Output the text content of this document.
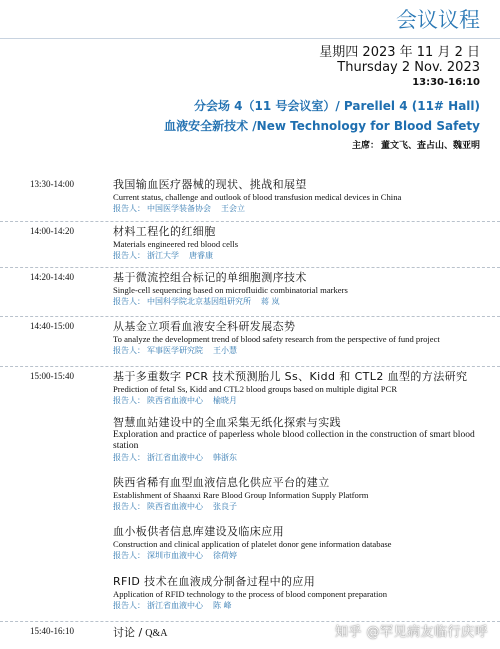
会议议程
星期四 2023 年 11 月 2 日
Thursday 2 Nov. 2023
13:30-16:10
分会场 4（11 号会议室）/ Parellel 4 (11# Hall)
血液安全新技术 /New Technology for Blood Safety
主席： 董文飞、查占山、魏亚明
13:30-14:00	我国输血医疗器械的现状、挑战和展望
Current status, challenge and outlook of blood transfusion medical devices in China
报告人： 中国医学装备协会 王会立
14:00-14:20	材料工程化的红细胞
Materials engineered red blood cells
报告人： 浙江大学 唐睿康
14:20-14:40	基于微流控组合标记的单细胞测序技术
Single-cell sequencing based on microfluidic combinatorial markers
报告人： 中国科学院北京基因组研究所 蒋 岚
14:40-15:00	从基金立项看血液安全科研发展态势
To analyze the development trend of blood safety research from the perspective of fund project
报告人： 军事医学研究院 王小慧
15:00-15:40	基于多重数字 PCR 技术预测胎儿 Ss、Kidd 和 CTL2 血型的方法研究
Prediction of fetal Ss, Kidd and CTL2 blood groups based on multiple digital PCR
报告人： 陕西省血液中心 榆晓月
智慧血站建设中的全血采集无纸化探索与实践
Exploration and practice of paperless whole blood collection in the construction of smart blood station
报告人： 浙江省血液中心 韩浙东
陕西省稀有血型血液信息化供应平台的建立
Establishment of Shaanxi Rare Blood Group Information Supply Platform
报告人： 陕西省血液中心 张良子
血小板供者信息库建设及临床应用
Construction and clinical application of platelet donor gene information database
报告人： 深圳市血液中心 徐荷婷
RFID 技术在血液成分制备过程中的应用
Application of RFID technology to the process of blood component preparation
报告人： 浙江省血液中心 陈 峰
15:40-16:10	讨论 / Q&A	知乎 @罕见病友临行庆呼
